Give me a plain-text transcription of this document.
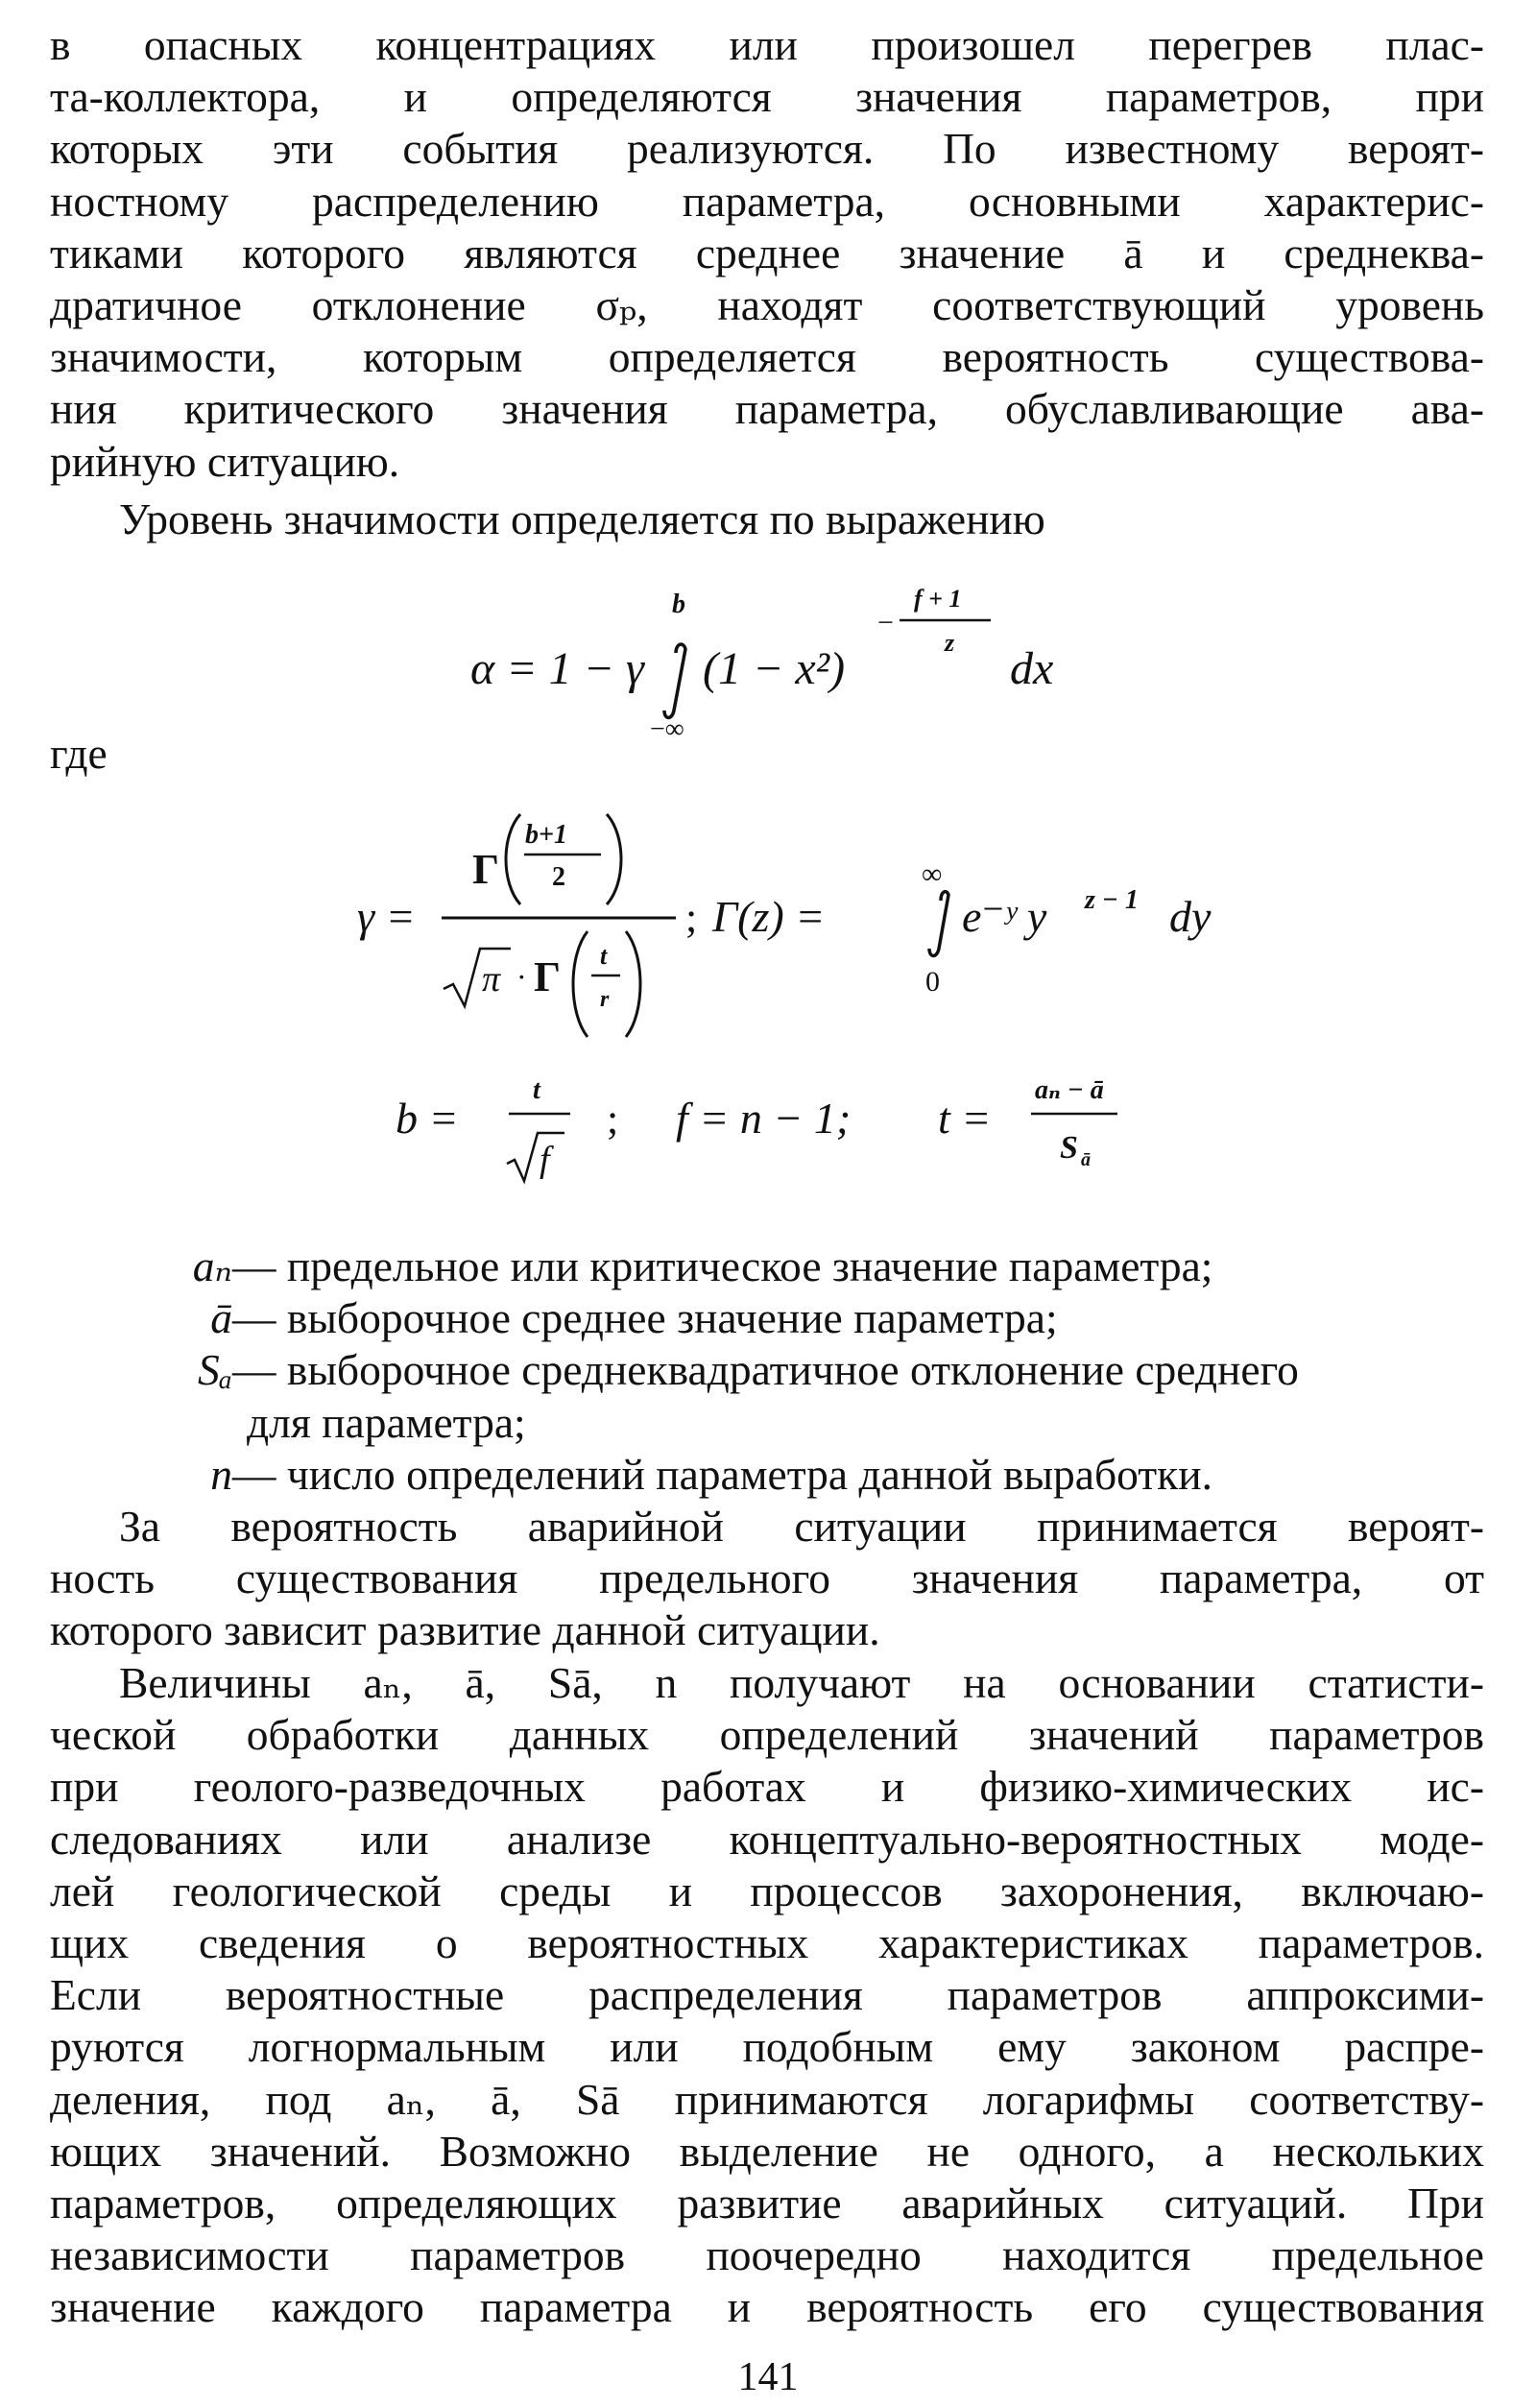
в опасных концентрациях или произошел перегрев плас-
та-коллектора, и определяются значения параметров, при
которых эти события реализуются. По известному вероят-
ностному распределению параметра, основными характерис-
тиками которого являются среднее значение ā и среднеква-
дратичное отклонение σₚ, находят соответствующий уровень
значимости, которым определяется вероятность существова-
ния критического значения параметра, обуславливающие ава-
рийную ситуацию.
Уровень значимости определяется по выражению
α = 1 − γ
b
−∞
(1 − x²)
−
f + 1
z
dx
где
γ =
Γ
b+1
2
π · Γ t
r
; Γ(z) =
∞
0
e⁻ʸ y z − 1 dy
b =
t
f
; f = n − 1; t =
aₙ − ā
S ā
aₙ— предельное или критическое значение параметра;
ā— выборочное среднее значение параметра;
Sₐ— выборочное среднеквадратичное отклонение среднего
для параметра;
n— число определений параметра данной выработки.
За вероятность аварийной ситуации принимается вероят-
ность существования предельного значения параметра, от
которого зависит развитие данной ситуации.
Величины aₙ, ā, Sā, n получают на основании статисти-
ческой обработки данных определений значений параметров
при геолого-разведочных работах и физико-химических ис-
следованиях или анализе концептуально-вероятностных моде-
лей геологической среды и процессов захоронения, включаю-
щих сведения о вероятностных характеристиках параметров.
Если вероятностные распределения параметров аппроксими-
руются логнормальным или подобным ему законом распре-
деления, под aₙ, ā, Sā принимаются логарифмы соответству-
ющих значений. Возможно выделение не одного, а нескольких
параметров, определяющих развитие аварийных ситуаций. При
независимости параметров поочередно находится предельное
значение каждого параметра и вероятность его существования
141
